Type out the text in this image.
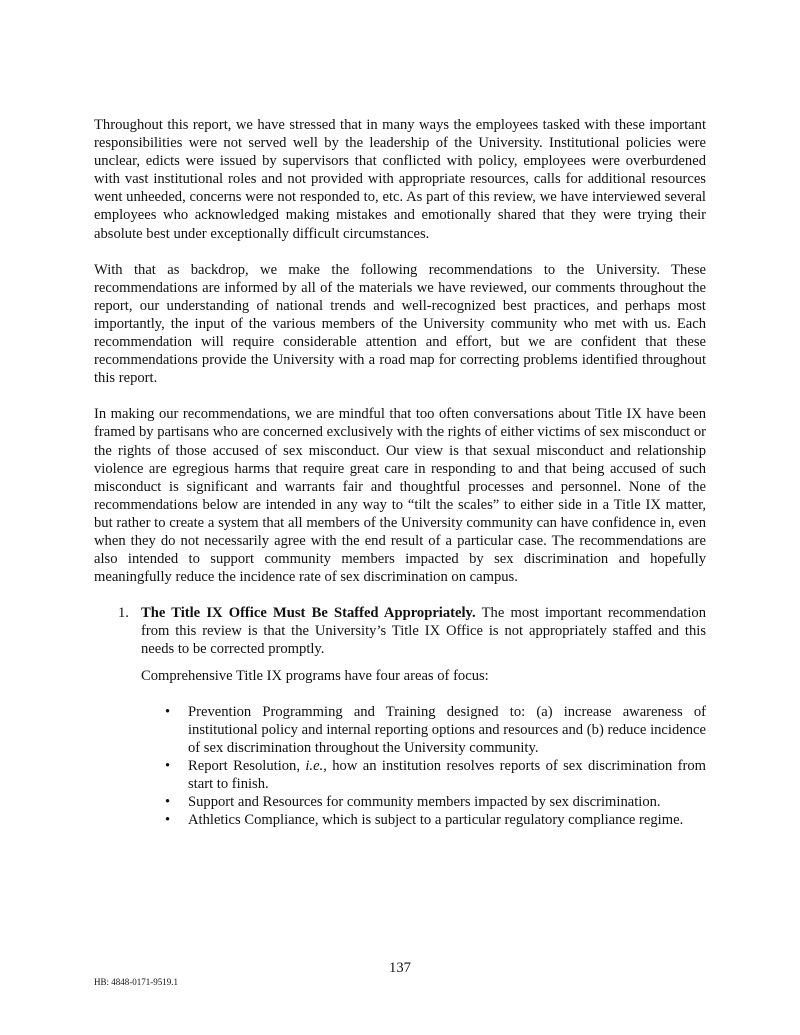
Throughout this report, we have stressed that in many ways the employees tasked with these important responsibilities were not served well by the leadership of the University. Institutional policies were unclear, edicts were issued by supervisors that conflicted with policy, employees were overburdened with vast institutional roles and not provided with appropriate resources, calls for additional resources went unheeded, concerns were not responded to, etc. As part of this review, we have interviewed several employees who acknowledged making mistakes and emotionally shared that they were trying their absolute best under exceptionally difficult circumstances.

With that as backdrop, we make the following recommendations to the University. These recommendations are informed by all of the materials we have reviewed, our comments throughout the report, our understanding of national trends and well-recognized best practices, and perhaps most importantly, the input of the various members of the University community who met with us. Each recommendation will require considerable attention and effort, but we are confident that these recommendations provide the University with a road map for correcting problems identified throughout this report.

In making our recommendations, we are mindful that too often conversations about Title IX have been framed by partisans who are concerned exclusively with the rights of either victims of sex misconduct or the rights of those accused of sex misconduct. Our view is that sexual misconduct and relationship violence are egregious harms that require great care in responding to and that being accused of such misconduct is significant and warrants fair and thoughtful processes and personnel. None of the recommendations below are intended in any way to “tilt the scales” to either side in a Title IX matter, but rather to create a system that all members of the University community can have confidence in, even when they do not necessarily agree with the end result of a particular case. The recommendations are also intended to support community members impacted by sex discrimination and hopefully meaningfully reduce the incidence rate of sex discrimination on campus.

1. The Title IX Office Must Be Staffed Appropriately. The most important recommendation from this review is that the University’s Title IX Office is not appropriately staffed and this needs to be corrected promptly.

Comprehensive Title IX programs have four areas of focus:

• Prevention Programming and Training designed to: (a) increase awareness of institutional policy and internal reporting options and resources and (b) reduce incidence of sex discrimination throughout the University community.

• Report Resolution, i.e., how an institution resolves reports of sex discrimination from start to finish.

• Support and Resources for community members impacted by sex discrimination.

• Athletics Compliance, which is subject to a particular regulatory compliance regime.

137
HB: 4848-0171-9519.1
